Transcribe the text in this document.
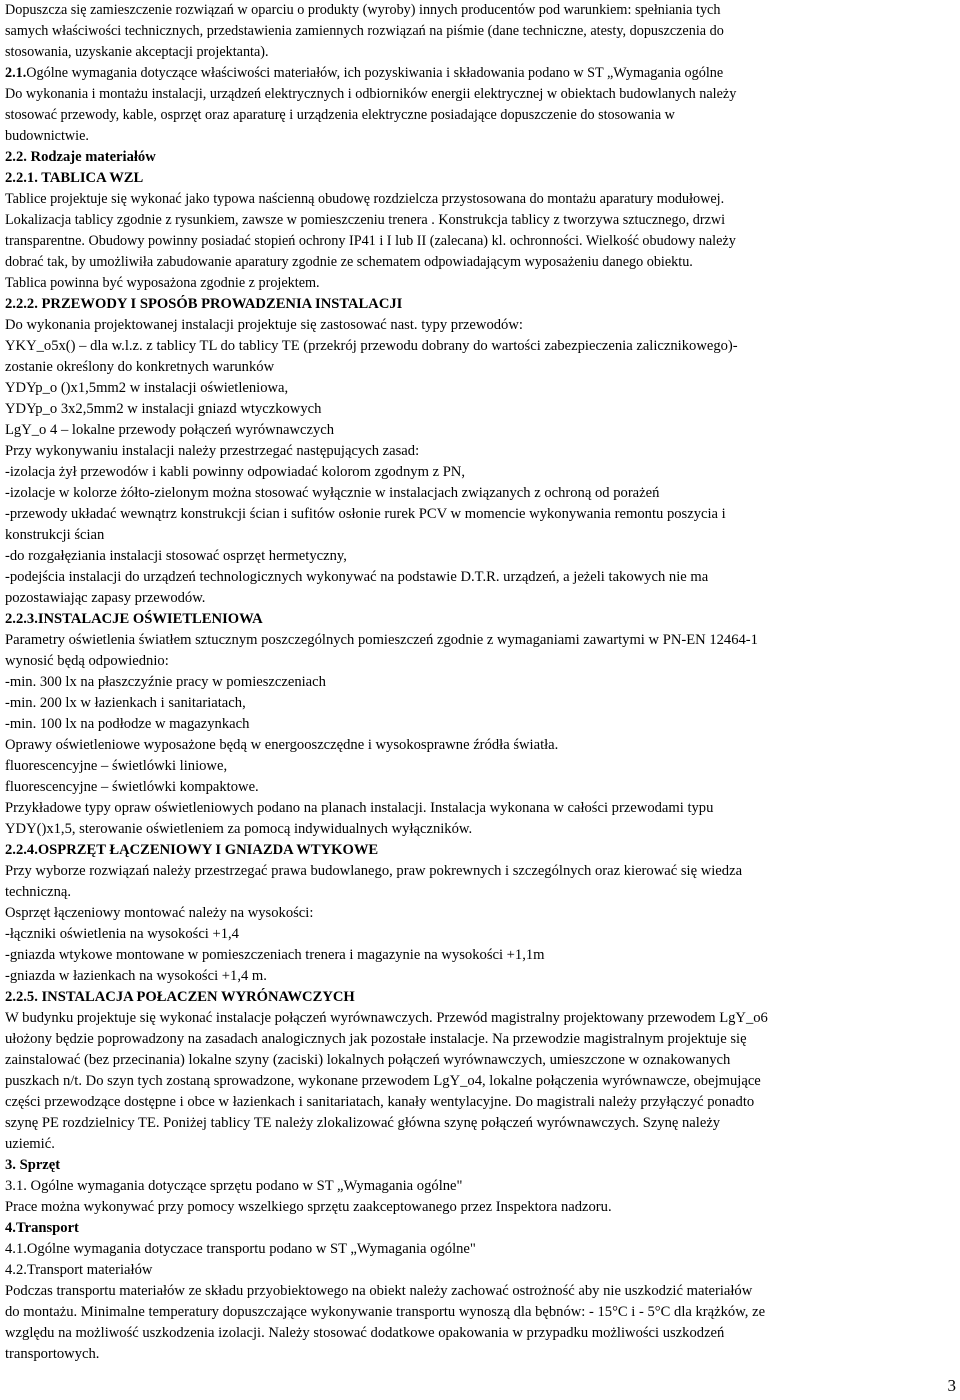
Dopuszcza się zamieszczenie rozwiązań w oparciu o produkty (wyroby) innych producentów pod warunkiem: spełniania tych

samych właściwości technicznych, przedstawienia zamiennych rozwiązań na piśmie (dane techniczne, atesty, dopuszczenia do

stosowania, uzyskanie akceptacji projektanta).

2.1.Ogólne wymagania dotyczące właściwości materiałów, ich pozyskiwania i składowania podano w ST „Wymagania ogólne

Do wykonania i montażu instalacji, urządzeń elektrycznych i odbiorników energii elektrycznej w obiektach budowlanych należy

stosować przewody, kable, osprzęt oraz aparaturę i urządzenia elektryczne posiadające dopuszczenie do stosowania w

budownictwie.

2.2. Rodzaje materiałów

2.2.1. TABLICA WZL

Tablice projektuje się wykonać jako typowa naścienną obudowę rozdzielcza przystosowana do montażu aparatury modułowej.

Lokalizacja tablicy zgodnie z rysunkiem, zawsze w pomieszczeniu trenera . Konstrukcja tablicy z tworzywa sztucznego, drzwi

transparentne. Obudowy powinny posiadać stopień ochrony IP41 i I lub II (zalecana) kl. ochronności. Wielkość obudowy należy

dobrać tak, by umożliwiła zabudowanie aparatury zgodnie ze schematem odpowiadającym wyposażeniu danego obiektu.

Tablica powinna być wyposażona zgodnie z projektem.

2.2.2. PRZEWODY I SPOSÓB PROWADZENIA INSTALACJI

Do wykonania projektowanej instalacji projektuje się zastosować nast. typy przewodów:

YKY_o5x() – dla w.l.z. z tablicy TL do tablicy TE (przekrój przewodu dobrany do wartości zabezpieczenia zalicznikowego)-

zostanie określony do konkretnych warunków

YDYp_o ()x1,5mm2 w instalacji oświetleniowa,

YDYp_o 3x2,5mm2 w instalacji gniazd wtyczkowych

LgY_o 4 – lokalne przewody połączeń wyrównawczych

Przy wykonywaniu instalacji należy przestrzegać następujących zasad:

-izolacja żył przewodów i kabli powinny odpowiadać kolorom zgodnym z PN,

-izolacje w kolorze żółto-zielonym można stosować wyłącznie w instalacjach związanych z ochroną od porażeń

-przewody układać wewnątrz konstrukcji ścian i sufitów osłonie rurek PCV w momencie wykonywania remontu poszycia i

konstrukcji ścian

-do rozgałęziania instalacji stosować osprzęt hermetyczny,

-podejścia instalacji do urządzeń technologicznych wykonywać na podstawie D.T.R. urządzeń, a jeżeli takowych nie ma

pozostawiając zapasy przewodów.

2.2.3.INSTALACJE OŚWIETLENIOWA

Parametry oświetlenia światłem sztucznym poszczególnych pomieszczeń zgodnie z wymaganiami zawartymi w PN-EN 12464-1

wynosić będą odpowiednio:

-min. 300 lx na płaszczyźnie pracy w pomieszczeniach

-min. 200 lx w łazienkach i sanitariatach,

-min. 100 lx na podłodze w magazynkach

Oprawy oświetleniowe wyposażone będą w energooszczędne i wysokosprawne źródła światła.

fluorescencyjne – świetlówki liniowe,

fluorescencyjne – świetlówki kompaktowe.

Przykładowe typy opraw oświetleniowych podano na planach instalacji. Instalacja wykonana w całości przewodami typu

YDY()x1,5, sterowanie oświetleniem za pomocą indywidualnych wyłączników.

2.2.4.OSPRZĘT ŁĄCZENIOWY I GNIAZDA WTYKOWE

Przy wyborze rozwiązań należy przestrzegać prawa budowlanego, praw pokrewnych i szczególnych oraz kierować się wiedza

techniczną.

Osprzęt łączeniowy montować należy na wysokości:

-łączniki oświetlenia na wysokości +1,4

-gniazda wtykowe montowane w pomieszczeniach trenera i magazynie na wysokości +1,1m

-gniazda w łazienkach na wysokości +1,4 m.

2.2.5. INSTALACJA POŁACZEN WYRÓNAWCZYCH

W budynku projektuje się wykonać instalacje połączeń wyrównawczych. Przewód magistralny projektowany przewodem LgY_o6

ułożony będzie poprowadzony na zasadach analogicznych jak pozostałe instalacje. Na przewodzie magistralnym projektuje się

zainstalować (bez przecinania) lokalne szyny (zaciski) lokalnych połączeń wyrównawczych, umieszczone w oznakowanych

puszkach n/t. Do szyn tych zostaną sprowadzone, wykonane przewodem LgY_o4, lokalne połączenia wyrównawcze, obejmujące

części przewodzące dostępne i obce w łazienkach i sanitariatach, kanały wentylacyjne. Do magistrali należy przyłączyć ponadto

szynę PE rozdzielnicy TE. Poniżej tablicy TE należy zlokalizować główna szynę połączeń wyrównawczych. Szynę należy

uziemić.

3. Sprzęt

3.1. Ogólne wymagania dotyczące sprzętu podano w ST „Wymagania ogólne"

Prace można wykonywać przy pomocy wszelkiego sprzętu zaakceptowanego przez Inspektora nadzoru.

4.Transport

4.1.Ogólne wymagania dotyczace transportu podano w ST „Wymagania ogólne"

4.2.Transport materiałów

Podczas transportu materiałów ze składu przyobiektowego na obiekt należy zachować ostrożność aby nie uszkodzić materiałów

do montażu. Minimalne temperatury dopuszczające wykonywanie transportu wynoszą dla bębnów: - 15°C i - 5°C dla krążków, ze

względu na możliwość uszkodzenia izolacji. Należy stosować dodatkowe opakowania w przypadku możliwości uszkodzeń

transportowych.

3
